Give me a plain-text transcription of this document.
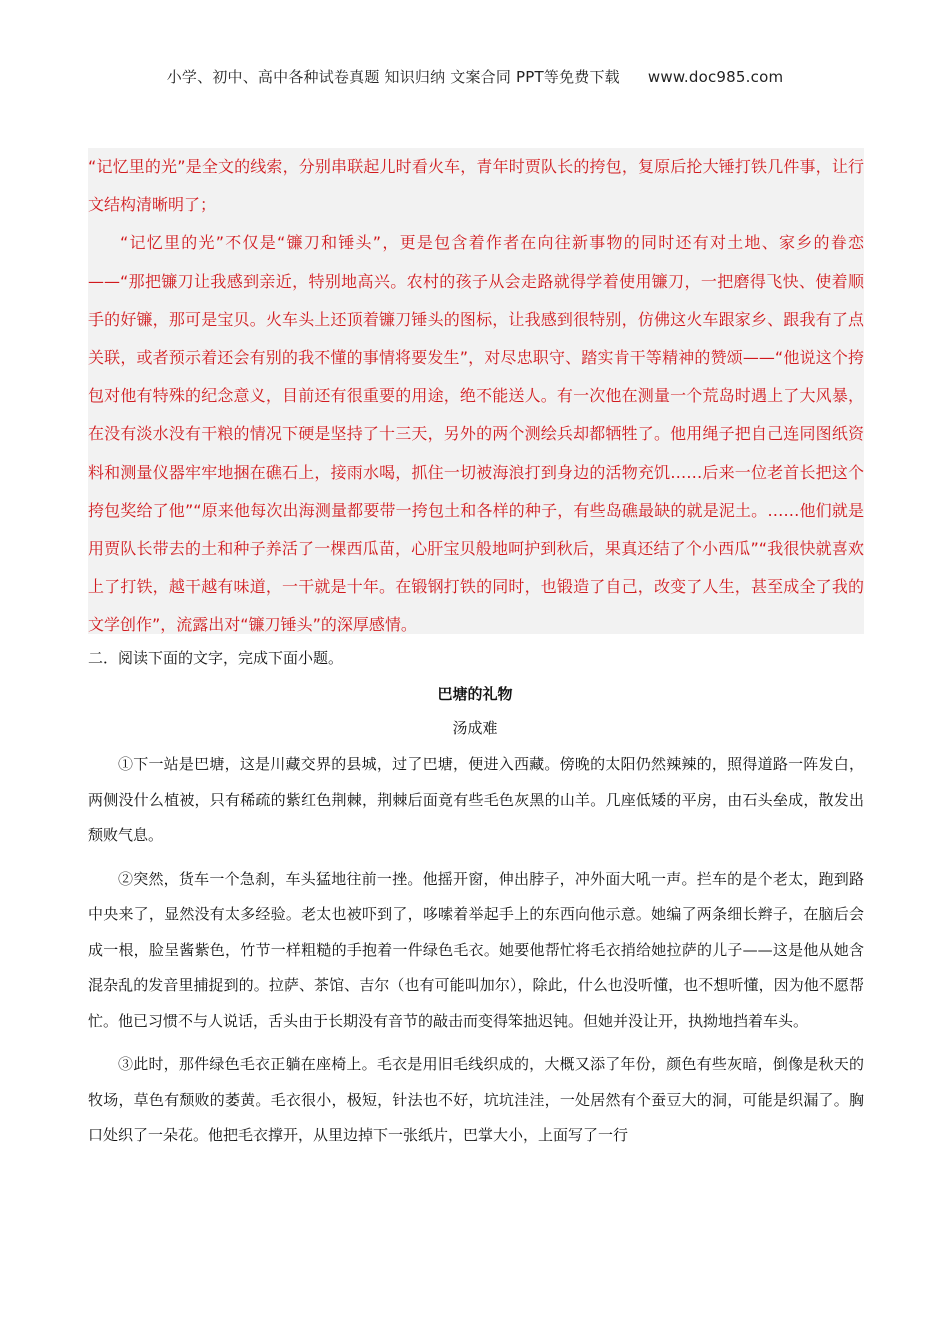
小学、初中、高中各种试卷真题 知识归纳 文案合同 PPT等免费下载 www.doc985.com

“记忆里的光”是全文的线索，分别串联起儿时看火车，青年时贾队长的挎包，复原后抡大锤打铁几件事，让行文结构清晰明了；

“记忆里的光”不仅是“镰刀和锤头”，更是包含着作者在向往新事物的同时还有对土地、家乡的眷恋——“那把镰刀让我感到亲近，特别地高兴。农村的孩子从会走路就得学着使用镰刀，一把磨得飞快、使着顺手的好镰，那可是宝贝。火车头上还顶着镰刀锤头的图标，让我感到很特别，仿佛这火车跟家乡、跟我有了点关联，或者预示着还会有别的我不懂的事情将要发生”，对尽忠职守、踏实肯干等精神的赞颂——“他说这个挎包对他有特殊的纪念意义，目前还有很重要的用途，绝不能送人。有一次他在测量一个荒岛时遇上了大风暴，在没有淡水没有干粮的情况下硬是坚持了十三天，另外的两个测绘兵却都牺牲了。他用绳子把自己连同图纸资料和测量仪器牢牢地捆在礁石上，接雨水喝，抓住一切被海浪打到身边的活物充饥……后来一位老首长把这个挎包奖给了他”“原来他每次出海测量都要带一挎包土和各样的种子，有些岛礁最缺的就是泥土。……他们就是用贾队长带去的土和种子养活了一棵西瓜苗，心肝宝贝般地呵护到秋后，果真还结了个小西瓜”“我很快就喜欢上了打铁，越干越有味道，一干就是十年。在锻钢打铁的同时，也锻造了自己，改变了人生，甚至成全了我的文学创作”，流露出对“镰刀锤头”的深厚感情。

二．阅读下面的文字，完成下面小题。
巴塘的礼物
汤成难

①下一站是巴塘，这是川藏交界的县城，过了巴塘，便进入西藏。傍晚的太阳仍然辣辣的，照得道路一阵发白，两侧没什么植被，只有稀疏的紫红色荆棘，荆棘后面竟有些毛色灰黑的山羊。几座低矮的平房，由石头垒成，散发出颓败气息。

②突然，货车一个急刹，车头猛地往前一挫。他摇开窗，伸出脖子，冲外面大吼一声。拦车的是个老太，跑到路中央来了，显然没有太多经验。老太也被吓到了，哆嗦着举起手上的东西向他示意。她编了两条细长辫子，在脑后会成一根，脸呈酱紫色，竹节一样粗糙的手抱着一件绿色毛衣。她要他帮忙将毛衣捎给她拉萨的儿子——这是他从她含混杂乱的发音里捕捉到的。拉萨、茶馆、吉尔（也有可能叫加尔），除此，什么也没听懂，也不想听懂，因为他不愿帮忙。他已习惯不与人说话，舌头由于长期没有音节的敲击而变得笨拙迟钝。但她并没让开，执拗地挡着车头。

③此时，那件绿色毛衣正躺在座椅上。毛衣是用旧毛线织成的，大概又添了年份，颜色有些灰暗，倒像是秋天的牧场，草色有颓败的萎黄。毛衣很小，极短，针法也不好，坑坑洼洼，一处居然有个蚕豆大的洞，可能是织漏了。胸口处织了一朵花。他把毛衣撑开，从里边掉下一张纸片，巴掌大小，上面写了一行
